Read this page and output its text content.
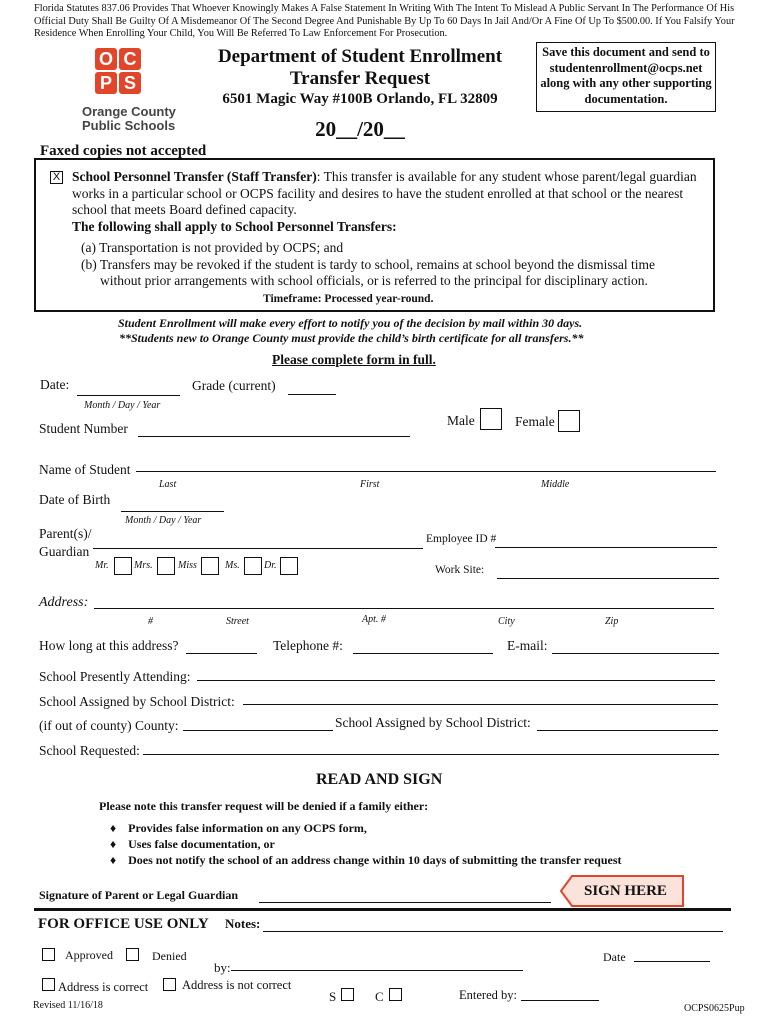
Florida Statutes 837.06 Provides That Whoever Knowingly Makes A False Statement In Writing With The Intent To Mislead A Public Servant In The Performance Of His Official Duty Shall Be Guilty Of A Misdemeanor Of The Second Degree And Punishable By Up To 60 Days In Jail And/Or A Fine Of Up To $500.00. If You Falsify Your Residence When Enrolling Your Child, You Will Be Referred To Law Enforcement For Prosecution.
O C
P S
Orange County
Public Schools
Department of Student Enrollment
Transfer Request
6501 Magic Way #100B Orlando, FL 32809
20__/20__
Save this document and send to
studentenrollment@ocps.net
along with any other supporting
documentation.
Faxed copies not accepted
X School Personnel Transfer (Staff Transfer): This transfer is available for any student whose parent/legal guardian works in a particular school or OCPS facility and desires to have the student enrolled at that school or the nearest school that meets Board defined capacity.
The following shall apply to School Personnel Transfers:
(a) Transportation is not provided by OCPS; and
(b) Transfers may be revoked if the student is tardy to school, remains at school beyond the dismissal time
without prior arrangements with school officials, or is referred to the principal for disciplinary action.
Timeframe: Processed year-round.
Student Enrollment will make every effort to notify you of the decision by mail within 30 days.
**Students new to Orange County must provide the child’s birth certificate for all transfers.**
Please complete form in full.
Date:
Month / Day / Year
Grade (current)
Male	Female
Student Number
Name of Student
Last	First	Middle
Date of Birth
Month / Day / Year
Parent(s)/
Guardian
Mr.	Mrs.	Miss	Ms. Dr.
Employee ID #
Work Site:
Address:
#	Street	Apt. #	City	Zip
How long at this address?	Telephone #:	E-mail:
School Presently Attending:
School Assigned by School District:
(if out of county) County:	School Assigned by School District:
School Requested:
READ AND SIGN
Please note this transfer request will be denied if a family either:
♦ Provides false information on any OCPS form,
♦ Uses false documentation, or
♦ Does not notify the school of an address change within 10 days of submitting the transfer request
Signature of Parent or Legal Guardian	SIGN HERE
FOR OFFICE USE ONLY Notes:
Approved	Denied	Date
by:
Address is correct	Address is not correct
S	C	Entered by:
Revised 11/16/18	OCPS0625Pup
